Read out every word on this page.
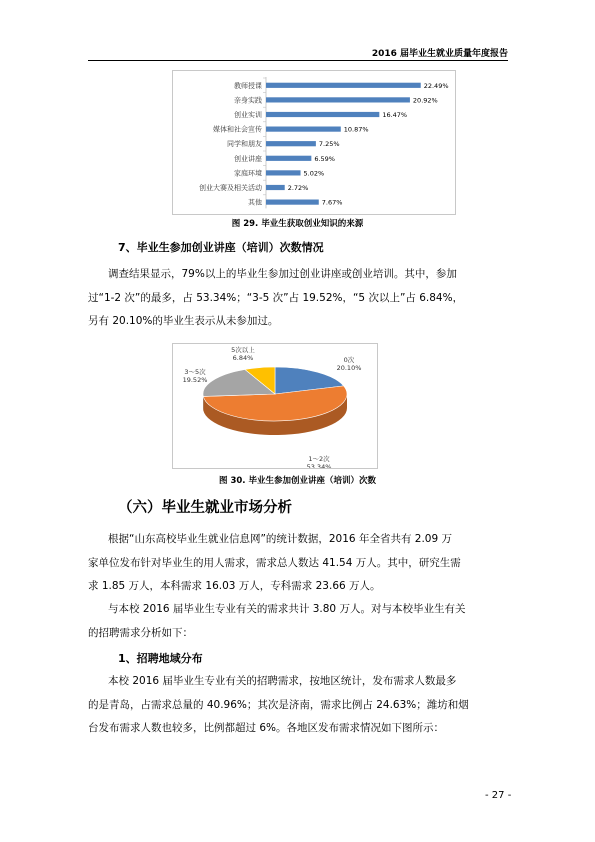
2016 届毕业生就业质量年度报告
教师授课	22.49%
亲身实践	20.92%
创业实训	16.47%
媒体和社会宣传	10.87%
同学和朋友	7.25%
创业讲座	6.59%
家庭环境	5.02%
创业大赛及相关活动	2.72%
其他	7.67%
图 29. 毕业生获取创业知识的来源
7、毕业生参加创业讲座（培训）次数情况
调查结果显示，79%以上的毕业生参加过创业讲座或创业培训。其中，参加
过“1-2 次”的最多，占 53.34%；“3-5 次”占 19.52%，“5 次以上”占 6.84%，
另有 20.10%的毕业生表示从未参加过。
0次
20.10%
1～2次
53.34%
3～5次
19.52%
5次以上
6.84%
图 30. 毕业生参加创业讲座（培训）次数
（六）毕业生就业市场分析
根据“山东高校毕业生就业信息网”的统计数据，2016 年全省共有 2.09 万
家单位发布针对毕业生的用人需求，需求总人数达 41.54 万人。其中，研究生需
求 1.85 万人，本科需求 16.03 万人，专科需求 23.66 万人。
与本校 2016 届毕业生专业有关的需求共计 3.80 万人。对与本校毕业生有关
的招聘需求分析如下：
1、招聘地域分布
本校 2016 届毕业生专业有关的招聘需求，按地区统计，发布需求人数最多
的是青岛，占需求总量的 40.96%；其次是济南，需求比例占 24.63%；潍坊和烟
台发布需求人数也较多，比例都超过 6%。各地区发布需求情况如下图所示：
- 27 -
